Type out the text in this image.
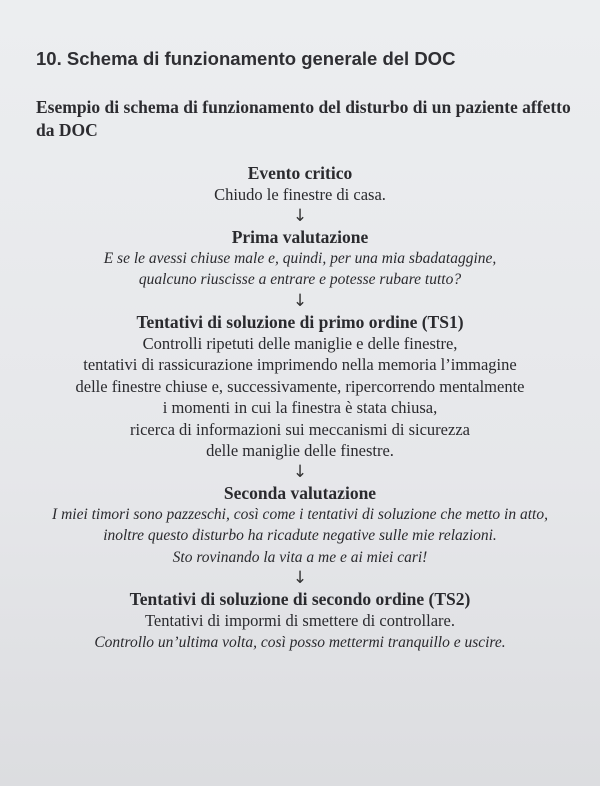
10. Schema di funzionamento generale del DOC
Esempio di schema di funzionamento del disturbo di un paziente affetto da DOC
Evento critico
Chiudo le finestre di casa.
↓
Prima valutazione
E se le avessi chiuse male e, quindi, per una mia sbadataggine,
qualcuno riuscisse a entrare e potesse rubare tutto?
↓
Tentativi di soluzione di primo ordine (TS1)
Controlli ripetuti delle maniglie e delle finestre,
tentativi di rassicurazione imprimendo nella memoria l’immagine
delle finestre chiuse e, successivamente, ripercorrendo mentalmente
i momenti in cui la finestra è stata chiusa,
ricerca di informazioni sui meccanismi di sicurezza
delle maniglie delle finestre.
↓
Seconda valutazione
I miei timori sono pazzeschi, così come i tentativi di soluzione che metto in atto,
inoltre questo disturbo ha ricadute negative sulle mie relazioni.
Sto rovinando la vita a me e ai miei cari!
↓
Tentativi di soluzione di secondo ordine (TS2)
Tentativi di impormi di smettere di controllare.
Controllo un’ultima volta, così posso mettermi tranquillo e uscire.
